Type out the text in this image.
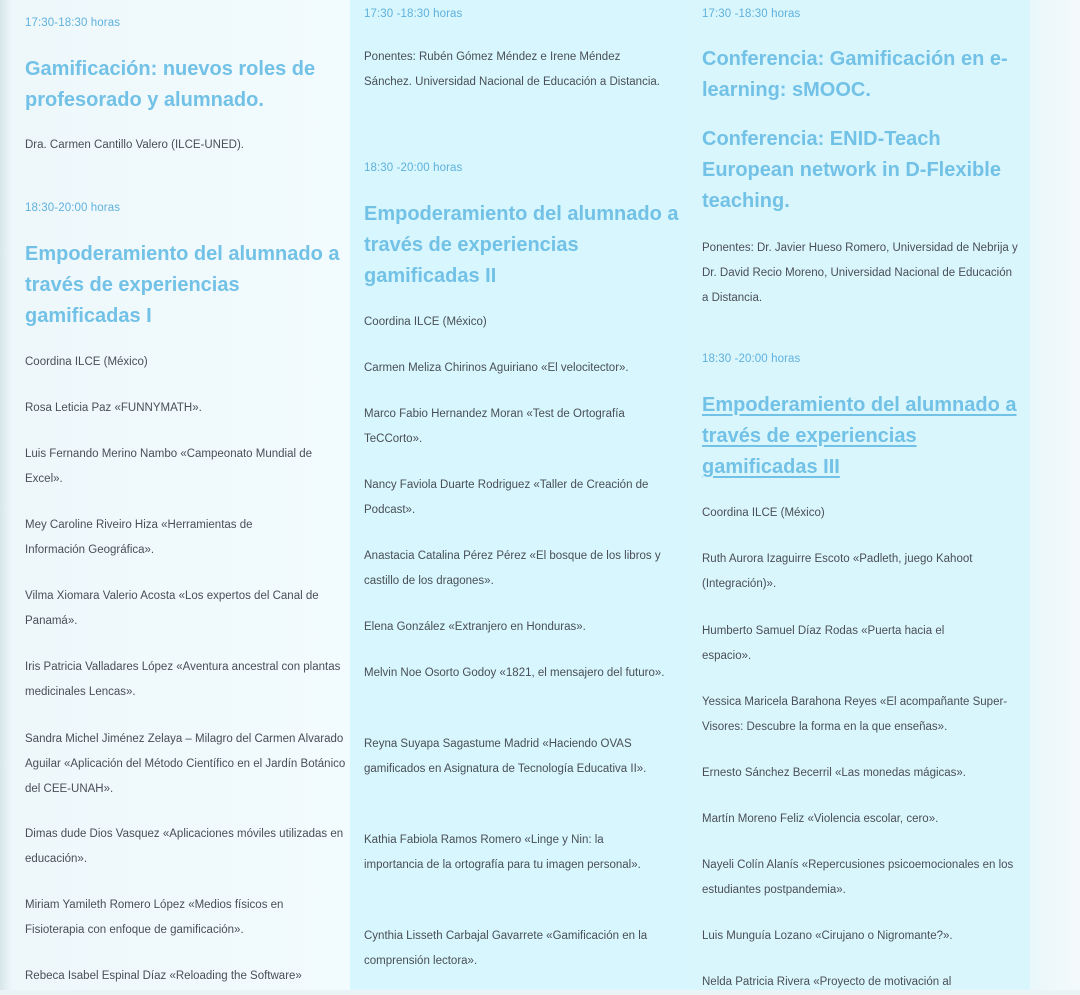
17:30-18:30 horas
Gamificación: nuevos roles de profesorado y alumnado.
Dra. Carmen Cantillo Valero (ILCE-UNED).
18:30-20:00 horas
Empoderamiento del alumnado a través de experiencias gamificadas I
Coordina ILCE (México)
Rosa Leticia Paz «FUNNYMATH».
Luis Fernando Merino Nambo «Campeonato Mundial de Excel».
Mey Caroline Riveiro Hiza «Herramientas de Información Geográfica».
Vilma Xiomara Valerio Acosta «Los expertos del Canal de Panamá».
Iris Patricia Valladares López «Aventura ancestral con plantas medicinales Lencas».
Sandra Michel Jiménez Zelaya – Milagro del Carmen Alvarado Aguilar «Aplicación del Método Científico en el Jardín Botánico del CEE-UNAH».
Dimas dude Dios Vasquez «Aplicaciones móviles utilizadas en educación».
Miriam Yamileth Romero López «Medios físicos en Fisioterapia con enfoque de gamificación».
Rebeca Isabel Espinal Díaz «Reloading the Software»
17:30 -18:30 horas
Ponentes: Rubén Gómez Méndez e Irene Méndez Sánchez. Universidad Nacional de Educación a Distancia.
18:30 -20:00 horas
Empoderamiento del alumnado a través de experiencias gamificadas II
Coordina ILCE (México)
Carmen Meliza Chirinos Aguiriano «El velocitector».
Marco Fabio Hernandez Moran «Test de Ortografía TeCCorto».
Nancy Faviola Duarte Rodriguez «Taller de Creación de Podcast».
Anastacia Catalina Pérez Pérez «El bosque de los libros y castillo de los dragones».
Elena González «Extranjero en Honduras».
Melvin Noe Osorto Godoy «1821, el mensajero del futuro».
Reyna Suyapa Sagastume Madrid «Haciendo OVAS gamificados en Asignatura de Tecnología Educativa II».
Kathia Fabiola Ramos Romero «Linge y Nin: la importancia de la ortografía para tu imagen personal».
Cynthia Lisseth Carbajal Gavarrete «Gamificación en la comprensión lectora».
17:30 -18:30 horas
Conferencia: Gamificación en e-learning: sMOOC.
Conferencia: ENID-Teach European network in D-Flexible teaching.
Ponentes: Dr. Javier Hueso Romero, Universidad de Nebrija y Dr. David Recio Moreno, Universidad Nacional de Educación a Distancia.
18:30 -20:00 horas
Empoderamiento del alumnado a través de experiencias gamificadas III
Coordina ILCE (México)
Ruth Aurora Izaguirre Escoto «Padleth, juego Kahoot (Integración)».
Humberto Samuel Díaz Rodas «Puerta hacia el espacio».
Yessica Maricela Barahona Reyes «El acompañante Super-Visores: Descubre la forma en la que enseñas».
Ernesto Sánchez Becerril «Las monedas mágicas».
Martín Moreno Feliz «Violencia escolar, cero».
Nayeli Colín Alanís «Repercusiones psicoemocionales en los estudiantes postpandemia».
Luis Munguía Lozano «Cirujano o Nigromante?».
Nelda Patricia Rivera «Proyecto de motivación al
